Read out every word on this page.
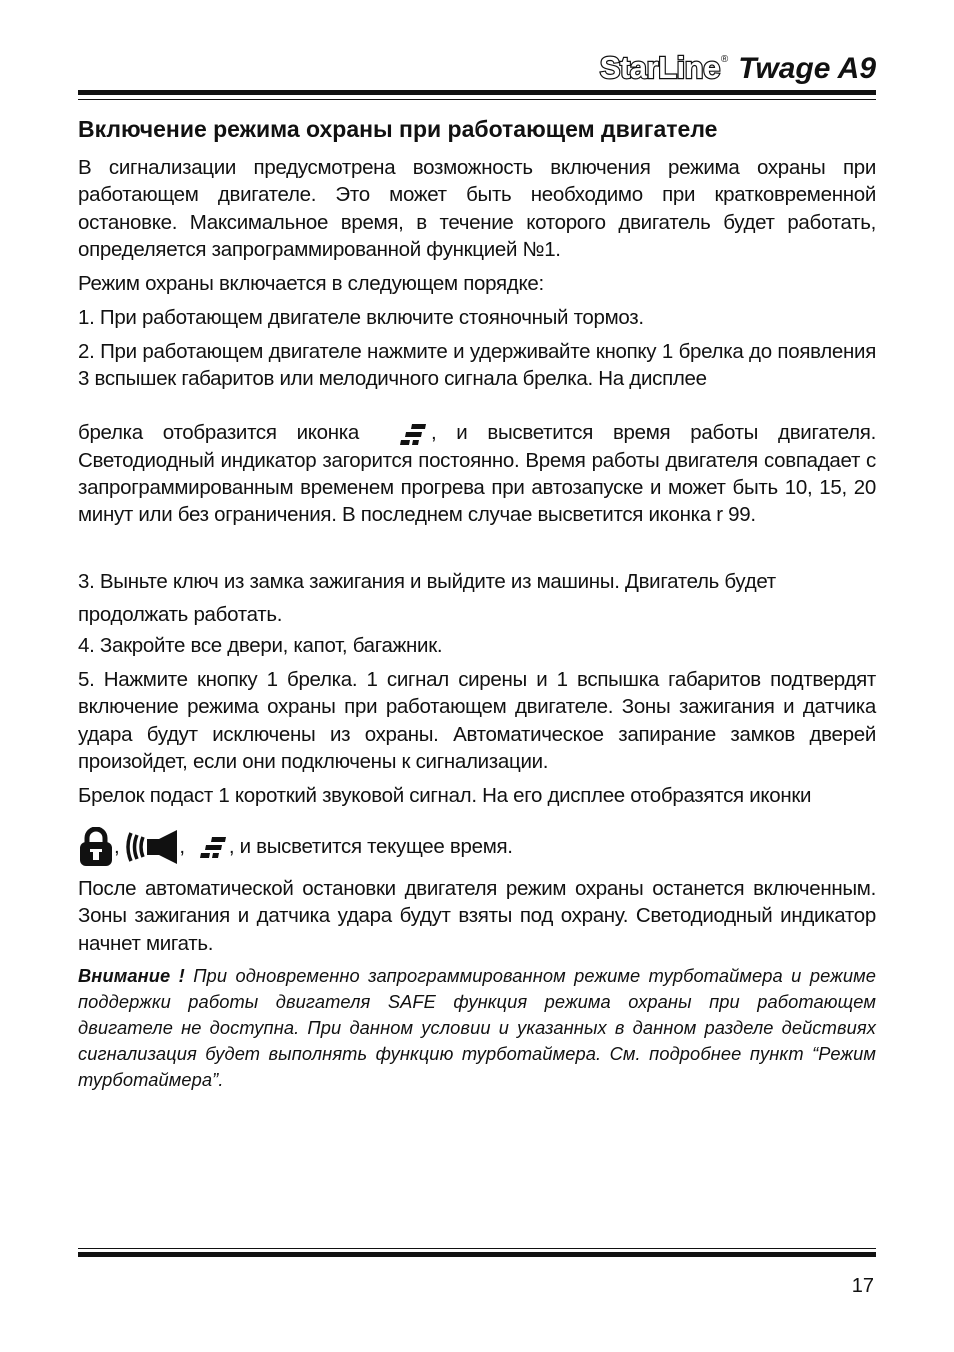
StarLine ® Twage A9
Включение режима охраны при работающем двигателе

В сигнализации предусмотрена возможность включения режима охраны при работающем двигателе. Это может быть необходимо при кратковременной остановке. Максимальное время, в течение которого двигатель будет работать, определяется запрограммированной функцией №1.

Режим охраны включается в следующем порядке:

1. При работающем двигателе включите стояночный тормоз.

2. При работающем двигателе нажмите и удерживайте кнопку 1 брелка до появления 3 вспышек габаритов или мелодичного сигнала брелка. На дисплее

брелка отобразится иконка	, и высветится время работы двигателя. Светодиодный индикатор загорится постоянно. Время работы двигателя совпадает с запрограммированным временем прогрева при автозапуске и может быть 10, 15, 20 минут или без ограничения. В последнем случае высветится иконка r 99.

3. Выньте ключ из замка зажигания и выйдите из машины. Двигатель будет продолжать работать.

4. Закройте все двери, капот, багажник.

5. Нажмите кнопку 1 брелка. 1 сигнал сирены и 1 вспышка габаритов подтвердят включение режима охраны при работающем двигателе. Зоны зажигания и датчика удара будут исключены из охраны. Автоматическое запирание замков дверей произойдет, если они подключены к сигнализации.

Брелок подаст 1 короткий звуковой сигнал. На его дисплее отобразятся иконки

,	, , и высветится текущее время.

После автоматической остановки двигателя режим охраны останется включенным. Зоны зажигания и датчика удара будут взяты под охрану. Светодиодный индикатор начнет мигать.

Внимание ! При одновременно запрограммированном режиме турботаймера и режиме поддержки работы двигателя SAFE функция режима охраны при работающем двигателе не доступна. При данном условии и указанных в данном разделе действиях сигнализация будет выполнять функцию турботаймера. См. подробнее пункт “Режим турботаймера”.

17
